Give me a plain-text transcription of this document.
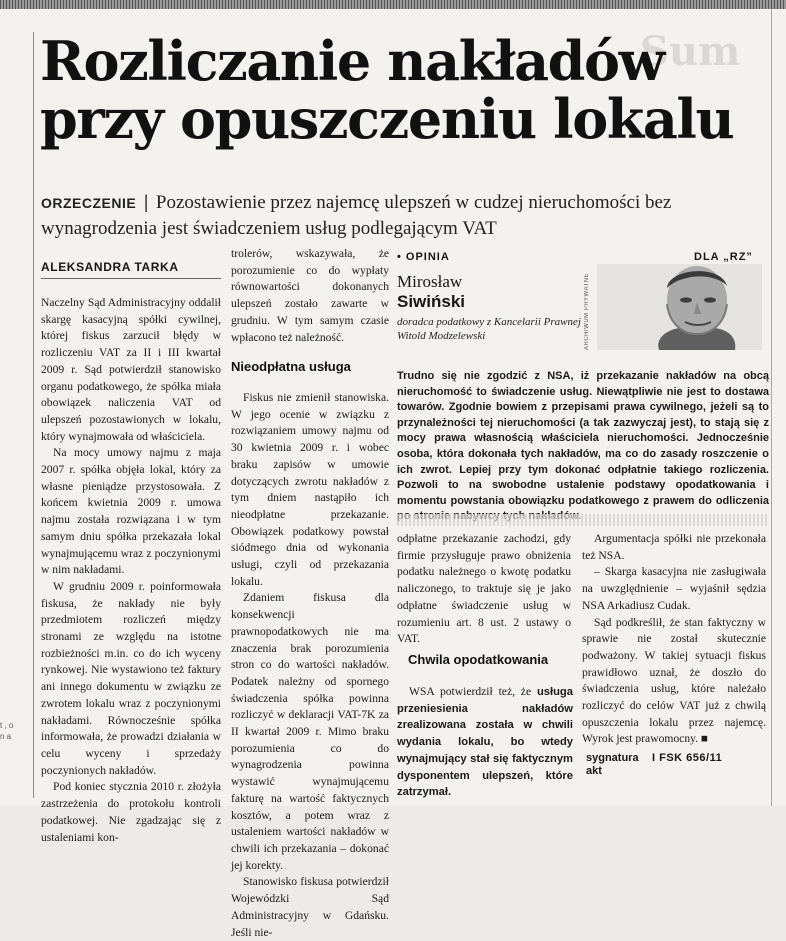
Sum
Rozliczanie nakładów
przy opuszczeniu lokalu
ORZECZENIE | Pozostawienie przez najemcę ulepszeń w cudzej nieruchomości bez wynagrodzenia jest świadczeniem usług podlegającym VAT
ALEKSANDRA TARKA

Naczelny Sąd Administracyjny oddalił skargę kasacyjną spółki cywilnej, której fiskus zarzucił błędy w rozliczeniu VAT za II i III kwartał 2009 r. Sąd potwierdził stanowisko organu podatkowego, że spółka miała obowiązek naliczenia VAT od ulepszeń pozostawionych w lokalu, który wynajmowała od właściciela.

Na mocy umowy najmu z maja 2007 r. spółka objęła lokal, który za własne pieniądze przystosowała. Z końcem kwietnia 2009 r. umowa najmu została rozwiązana i w tym samym dniu spółka przekazała lokal wynajmującemu wraz z poczynionymi w nim nakładami.

W grudniu 2009 r. poinformowała fiskusa, że nakłady nie były przedmiotem rozliczeń między stronami ze względu na istotne rozbieżności m.in. co do ich wyceny rynkowej. Nie wystawiono też faktury ani innego dokumentu w związku ze zwrotem lokalu wraz z poczynionymi nakładami. Równocześnie spółka informowała, że prowadzi działania w celu wyceny i sprzedaży poczynionych nakładów.

Pod koniec stycznia 2010 r. złożyła zastrzeżenia do protokołu kontroli podatkowej. Nie zgadzając się z ustaleniami kon-

trolerów, wskazywała, że porozumienie co do wypłaty równowartości dokonanych ulepszeń zostało zawarte w grudniu. W tym samym czasie wpłacono też należność.

Nieodpłatna usługa

Fiskus nie zmienił stanowiska. W jego ocenie w związku z rozwiązaniem umowy najmu od 30 kwietnia 2009 r. i wobec braku zapisów w umowie dotyczących zwrotu nakładów z tym dniem nastąpiło ich nieodpłatne przekazanie. Obowiązek podatkowy powstał siódmego dnia od wykonania usługi, czyli od przekazania lokalu.

Zdaniem fiskusa dla konsekwencji prawnopodatkowych nie ma znaczenia brak porozumienia stron co do wartości nakładów. Podatek należny od spornego świadczenia spółka powinna rozliczyć w deklaracji VAT-7K za II kwartał 2009 r. Mimo braku porozumienia co do wynagrodzenia powinna wystawić wynajmującemu fakturę na wartość faktycznych kosztów, a potem wraz z ustaleniem wartości nakładów w chwili ich przekazania – dokonać jej korekty.

Stanowisko fiskusa potwierdził Wojewódzki Sąd Administracyjny w Gdańsku. Jeśli nie-

• OPINIA	DLA „RZ”
Mirosław
Siwiński
doradca podatkowy z Kancelarii Prawnej Witold Modzelewski	ARCHIWUM PRYWATNE
Trudno się nie zgodzić z NSA, iż przekazanie nakładów na obcą nieruchomość to świadczenie usług. Niewątpliwie nie jest to dostawa towarów. Zgodnie bowiem z przepisami prawa cywilnego, jeżeli są to przynależności tej nieruchomości (a tak zazwyczaj jest), to stają się z mocy prawa własnością właściciela nieruchomości. Jednocześnie osoba, która dokonała tych nakładów, ma co do zasady roszczenie o ich zwrot. Lepiej przy tym dokonać odpłatnie takiego rozliczenia. Pozwoli to na swobodne ustalenie podstawy opodatkowania i momentu powstania obowiązku podatkowego z prawem do odliczenia

odpłatne przekazanie zachodzi, gdy firmie przysługuje prawo obniżenia podatku należnego o kwotę podatku naliczonego, to traktuje się je jako odpłatne świadczenie usług w rozumieniu art. 8 ust. 2 ustawy o VAT.

Chwila opodatkowania

WSA potwierdził też, że usługa przeniesienia nakładów zrealizowana została w chwili wydania lokalu, bo wtedy wynajmujący stał się faktycznym dysponentem ulepszeń, które zatrzymał.

Argumentacja spółki nie przekonała też NSA.

– Skarga kasacyjna nie zasługiwała na uwzględnienie – wyjaśnił sędzia NSA Arkadiusz Cudak.

Sąd podkreślił, że stan faktyczny w sprawie nie został skutecznie podważony. W takiej sytuacji fiskus prawidłowo uznał, że doszło do świadczenia usług, które należało rozliczyć do celów VAT już z chwilą opuszczenia lokalu przez najemcę. Wyrok jest prawomocny. ■

sygnatura akt
I FSK 656/11
t , o n a
